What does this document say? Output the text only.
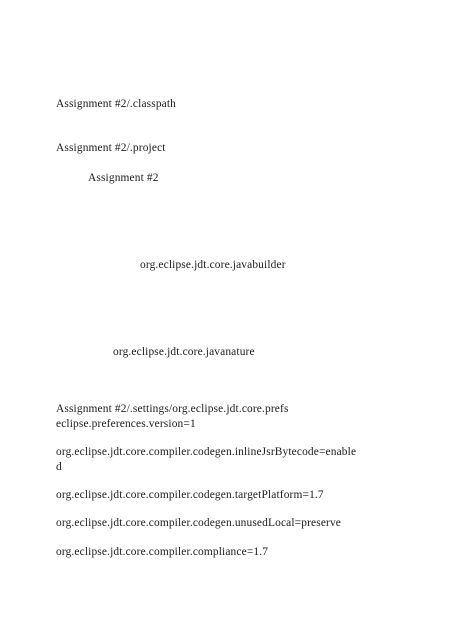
Assignment #2/.classpath
Assignment #2/.project
Assignment #2
org.eclipse.jdt.core.javabuilder
org.eclipse.jdt.core.javanature
Assignment #2/.settings/org.eclipse.jdt.core.prefs
eclipse.preferences.version=1
org.eclipse.jdt.core.compiler.codegen.inlineJsrBytecode=enable
d
org.eclipse.jdt.core.compiler.codegen.targetPlatform=1.7
org.eclipse.jdt.core.compiler.codegen.unusedLocal=preserve
org.eclipse.jdt.core.compiler.compliance=1.7
